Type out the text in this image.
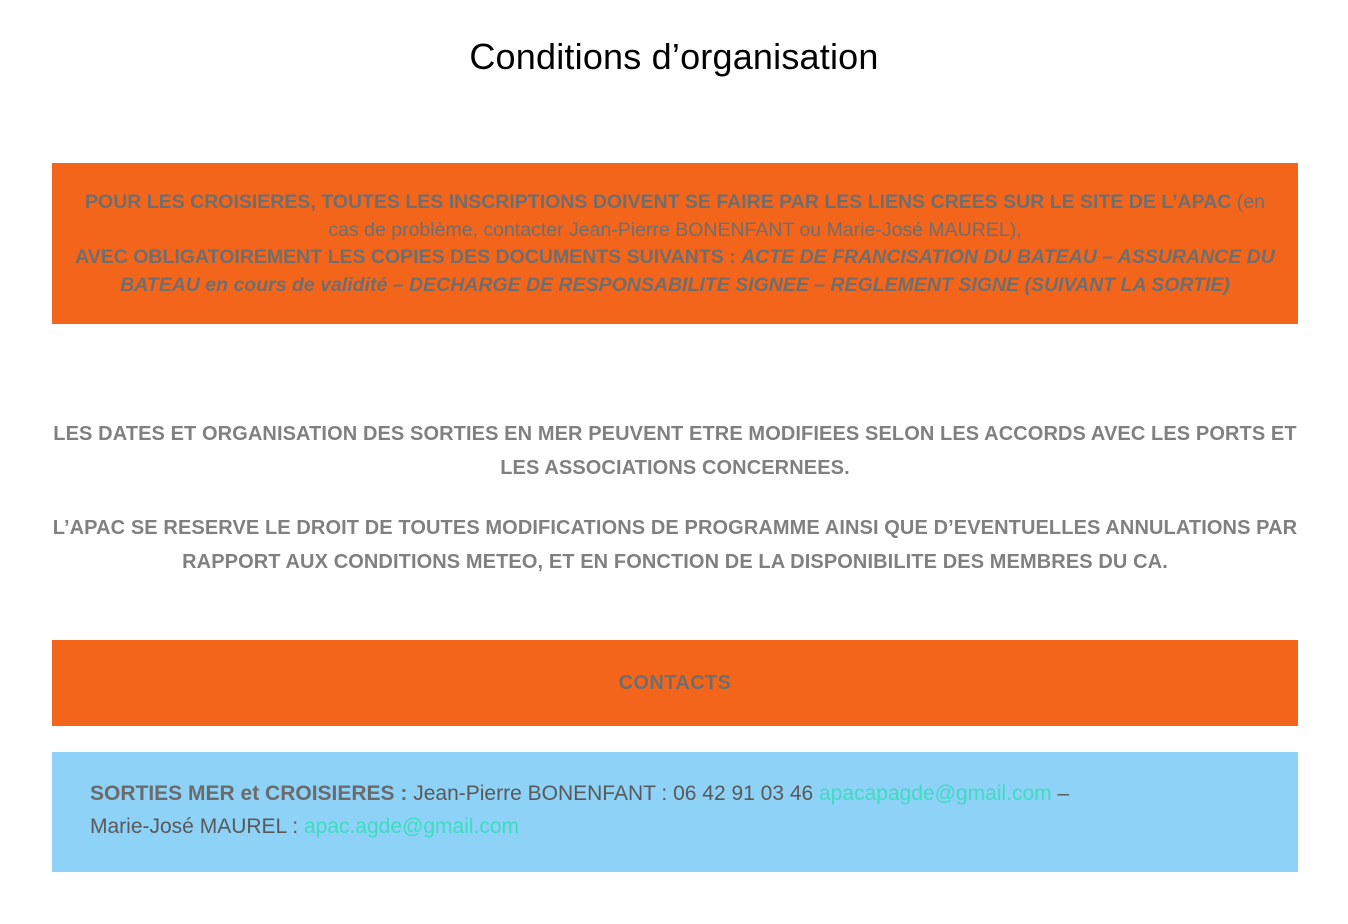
Conditions d’organisation
POUR LES CROISIERES, TOUTES LES INSCRIPTIONS DOIVENT SE FAIRE PAR LES LIENS CREES SUR LE SITE DE L’APAC (en cas de problème, contacter Jean-Pierre BONENFANT ou Marie-José MAUREL),
AVEC OBLIGATOIREMENT LES COPIES DES DOCUMENTS SUIVANTS : ACTE DE FRANCISATION DU BATEAU – ASSURANCE DU BATEAU en cours de validité – DECHARGE DE RESPONSABILITE SIGNEE – REGLEMENT SIGNE (SUIVANT LA SORTIE)
LES DATES ET ORGANISATION DES SORTIES EN MER PEUVENT ETRE MODIFIEES SELON LES ACCORDS AVEC LES PORTS ET LES ASSOCIATIONS CONCERNEES.
L’APAC SE RESERVE LE DROIT DE TOUTES MODIFICATIONS DE PROGRAMME AINSI QUE D’EVENTUELLES ANNULATIONS PAR RAPPORT AUX CONDITIONS METEO, ET EN FONCTION DE LA DISPONIBILITE DES MEMBRES DU CA.
CONTACTS
SORTIES MER et CROISIERES : Jean-Pierre BONENFANT : 06 42 91 03 46 apacapagde@gmail.com –
Marie-José MAUREL : apac.agde@gmail.com
